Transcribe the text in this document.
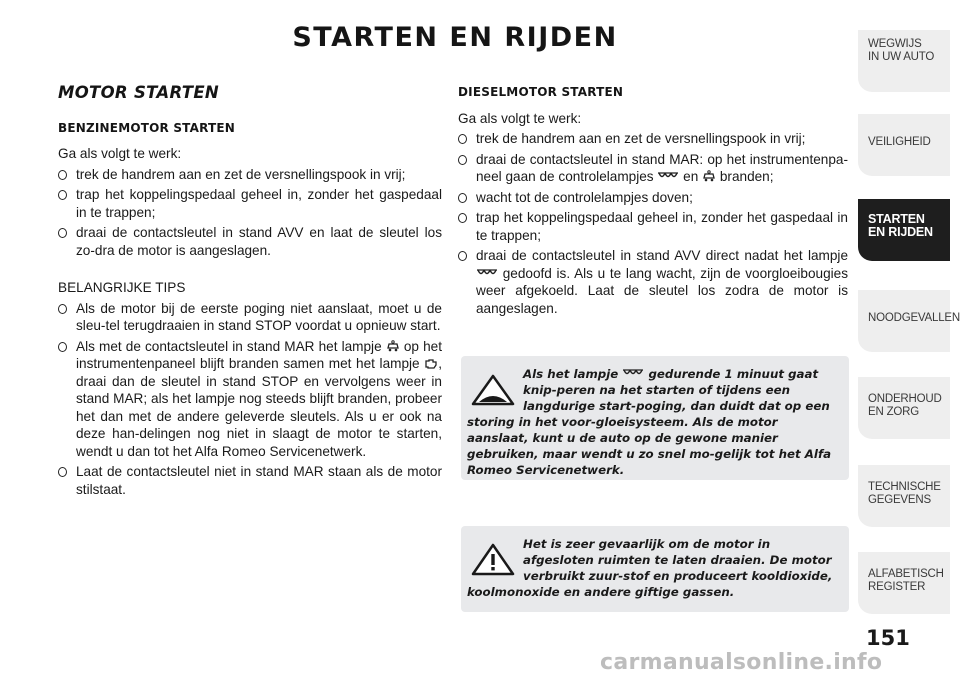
STARTEN EN RIJDEN
MOTOR STARTEN
BENZINEMOTOR STARTEN

Ga als volgt te werk:

trek de handrem aan en zet de versnellingspook in vrij;
trap het koppelingspedaal geheel in, zonder het gaspedaal in te trappen;
draai de contactsleutel in stand AVV en laat de sleutel los zo-dra de motor is aangeslagen.

BELANGRIJKE TIPS

Als de motor bij de eerste poging niet aanslaat, moet u de sleu-tel terugdraaien in stand STOP voordat u opnieuw start.
Als met de contactsleutel in stand MAR het lampje op het instrumentenpaneel blijft branden samen met het lampje , draai dan de sleutel in stand STOP en vervolgens weer in stand MAR; als het lampje nog steeds blijft branden, probeer het dan met de andere geleverde sleutels. Als u er ook na deze han-delingen nog niet in slaagt de motor te starten, wendt u dan tot het Alfa Romeo Servicenetwerk.
Laat de contactsleutel niet in stand MAR staan als de motor stilstaat.
DIESELMOTOR STARTEN

Ga als volgt te werk:

trek de handrem aan en zet de versnellingspook in vrij;
draai de contactsleutel in stand MAR: op het instrumentenpa-neel gaan de controlelampjes en branden;
wacht tot de controlelampjes doven;
trap het koppelingspedaal geheel in, zonder het gaspedaal in te trappen;
draai de contactsleutel in stand AVV direct nadat het lampje  gedoofd is. Als u te lang wacht, zijn de voorgloeibougies weer afgekoeld. Laat de sleutel los zodra de motor is aangeslagen.

Als het lampje	gedurende 1 minuut gaat knip-peren na het starten of tijdens een langdurige start-poging, dan duidt dat op een storing in het voor-gloeisysteem. Als de motor aanslaat, kunt u de auto op de gewone manier gebruiken, maar wendt u zo snel mo-gelijk tot het Alfa Romeo Servicenetwerk.

Het is zeer gevaarlijk om de motor in afgesloten ruimten te laten draaien. De motor verbruikt zuur-stof en produceert kooldioxide, koolmonoxide en andere giftige gassen.

WEGWIJS
IN UW AUTO
VEILIGHEID
STARTEN
EN RIJDEN
NOODGEVALLEN
ONDERHOUD
EN ZORG
TECHNISCHE
GEGEVENS
ALFABETISCH
REGISTER
151
carmanualsonline.info
